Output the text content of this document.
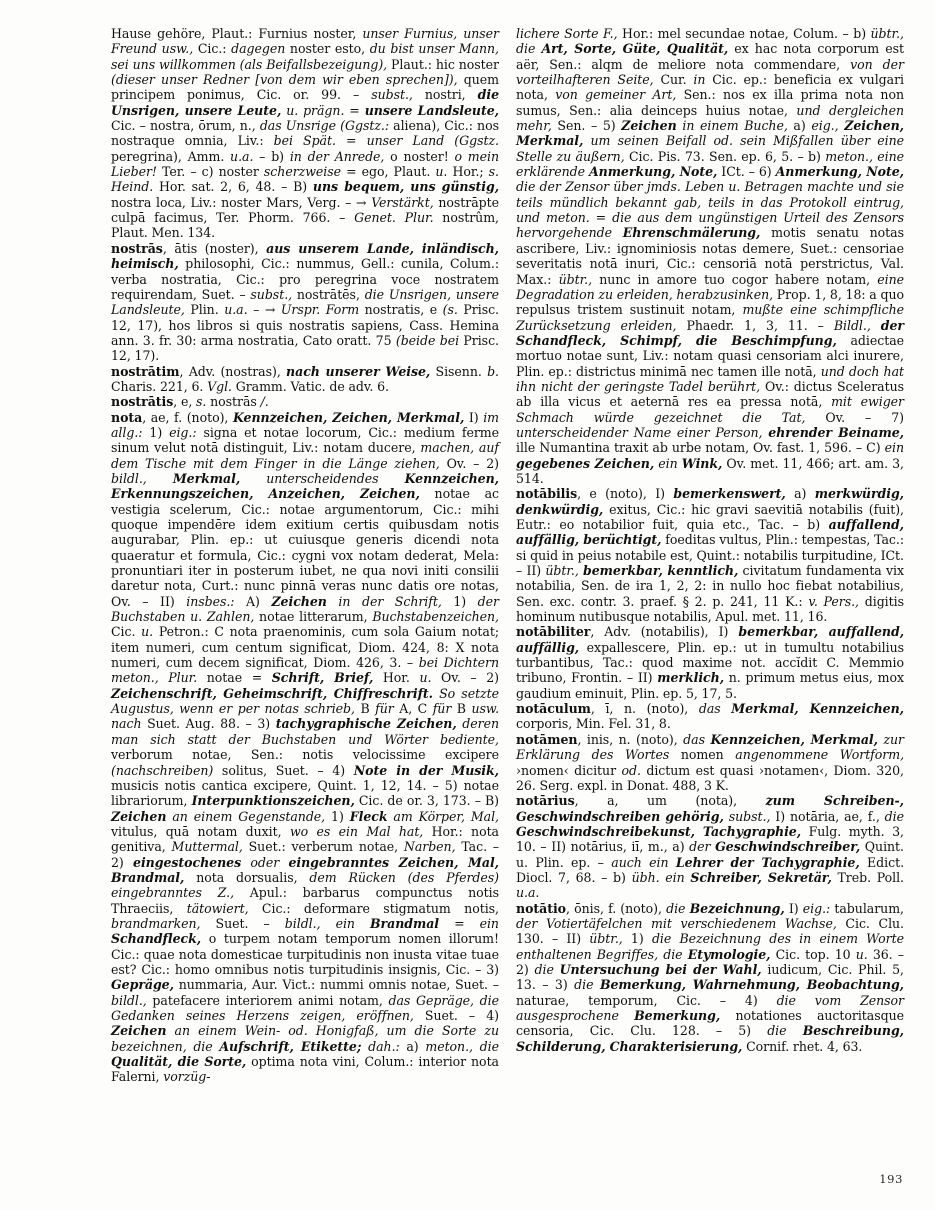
Hause gehöre, Plaut.: Furnius noster, unser Furnius, unser Freund usw., Cic.: dagegen noster esto, du bist unser Mann, sei uns willkommen (als Beifallsbezeigung), Plaut.: hic noster (dieser unser Redner [von dem wir eben sprechen]), quem principem ponimus, Cic. or. 99. – subst., nostri, die Unsrigen, unsere Leute, u. prägn. = unsere Landsleute, Cic. – nostra, ōrum, n., das Unsrige (Ggstz.: aliena), Cic.: nos nostraque omnia, Liv.: bei Spät. = unser Land (Ggstz. peregrina), Amm. u.a. – b) in der Anrede, o noster! o mein Lieber! Ter. – c) noster scherzweise = ego, Plaut. u. Hor.; s. Heind. Hor. sat. 2, 6, 48. – B) uns bequem, uns günstig, nostra loca, Liv.: noster Mars, Verg. – → Verstärkt, nostrāpte culpā facimus, Ter. Phorm. 766. – Genet. Plur. nostrûm, Plaut. Men. 134.

nostrās, ātis (noster), aus unserem Lande, inländisch, heimisch, philosophi, Cic.: nummus, Gell.: cunila, Colum.: verba nostratia, Cic.: pro peregrina voce nostratem requirendam, Suet. – subst., nostrātēs, die Unsrigen, unsere Landsleute, Plin. u.a. – → Urspr. Form nostratis, e (s. Prisc. 12, 17), hos libros si quis nostratis sapiens, Cass. Hemina ann. 3. fr. 30: arma nostratia, Cato oratt. 75 (beide bei Prisc. 12, 17).

nostrātim, Adv. (nostras), nach unserer Weise, Sisenn. b. Charis. 221, 6. Vgl. Gramm. Vatic. de adv. 6.

nostrātis, e, s. nostrās /.

nota, ae, f. (noto), Kennzeichen, Zeichen, Merkmal, I) im allg.: 1) eig.: signa et notae locorum, Cic.: medium ferme sinum velut notā distinguit, Liv.: notam ducere, machen, auf dem Tische mit dem Finger in die Länge ziehen, Ov. – 2) bildl., Merkmal, unterscheidendes Kennzeichen, Erkennungszeichen, Anzeichen, Zeichen, notae ac vestigia scelerum, Cic.: notae argumentorum, Cic.: mihi quoque impendēre idem exitium certis quibusdam notis augurabar, Plin. ep.: ut cuiusque generis dicendi nota quaeratur et formula, Cic.: cygni vox notam dederat, Mela: pronuntiari iter in posterum iubet, ne qua novi initi consilii daretur nota, Curt.: nunc pinnā veras nunc datis ore notas, Ov. – II) insbes.: A) Zeichen in der Schrift, 1) der Buchstaben u. Zahlen, notae litterarum, Buchstabenzeichen, Cic. u. Petron.: C nota praenominis, cum sola Gaium notat; item numeri, cum centum significat, Diom. 424, 8: X nota numeri, cum decem significat, Diom. 426, 3. – bei Dichtern meton., Plur. notae = Schrift, Brief, Hor. u. Ov. – 2) Zeichenschrift, Geheimschrift, Chiffreschrift. So setzte Augustus, wenn er per notas schrieb, B für A, C für B usw. nach Suet. Aug. 88. – 3) tachygraphische Zeichen, deren man sich statt der Buchstaben und Wörter bediente, verborum notae, Sen.: notis velocissime excipere (nachschreiben) solitus, Suet. – 4) Note in der Musik, musicis notis cantica excipere, Quint. 1, 12, 14. – 5) notae librariorum, Interpunktionszeichen, Cic. de or. 3, 173. – B) Zeichen an einem Gegenstande, 1) Fleck am Körper, Mal, vitulus, quā notam duxit, wo es ein Mal hat, Hor.: nota genitiva, Muttermal, Suet.: verberum notae, Narben, Tac. – 2) eingestochenes oder eingebranntes Zeichen, Mal, Brandmal, nota dorsualis, dem Rücken (des Pferdes) eingebranntes Z., Apul.: barbarus compunctus notis Thraeciis, tätowiert, Cic.: deformare stigmatum notis, brandmarken, Suet. – bildl., ein Brandmal = ein Schandfleck, o turpem notam temporum nomen illorum! Cic.: quae nota domesticae turpitudinis non inusta vitae tuae est? Cic.: homo omnibus notis turpitudinis insignis, Cic. – 3) Gepräge, nummaria, Aur. Vict.: nummi omnis notae, Suet. – bildl., patefacere interiorem animi notam, das Gepräge, die Gedanken seines Herzens zeigen, eröffnen, Suet. – 4) Zeichen an einem Wein- od. Honigfaß, um die Sorte zu bezeichnen, die Aufschrift, Etikette; dah.: a) meton., die Qualität, die Sorte, optima nota vini, Colum.: interior nota Falerni, vorzüg-

lichere Sorte F., Hor.: mel secundae notae, Colum. – b) übtr., die Art, Sorte, Güte, Qualität, ex hac nota corporum est aër, Sen.: alqm de meliore nota commendare, von der vorteilhafteren Seite, Cur. in Cic. ep.: beneficia ex vulgari nota, von gemeiner Art, Sen.: nos ex illa prima nota non sumus, Sen.: alia deinceps huius notae, und dergleichen mehr, Sen. – 5) Zeichen in einem Buche, a) eig., Zeichen, Merkmal, um seinen Beifall od. sein Mißfallen über eine Stelle zu äußern, Cic. Pis. 73. Sen. ep. 6, 5. – b) meton., eine erklärende Anmerkung, Note, ICt. – 6) Anmerkung, Note, die der Zensor über jmds. Leben u. Betragen machte und sie teils mündlich bekannt gab, teils in das Protokoll eintrug, und meton. = die aus dem ungünstigen Urteil des Zensors hervorgehende Ehrenschmälerung, motis senatu notas ascribere, Liv.: ignominiosis notas demere, Suet.: censoriae severitatis notā inuri, Cic.: censoriā notā perstrictus, Val. Max.: übtr., nunc in amore tuo cogor habere notam, eine Degradation zu erleiden, herabzusinken, Prop. 1, 8, 18: a quo repulsus tristem sustinuit notam, mußte eine schimpfliche Zurücksetzung erleiden, Phaedr. 1, 3, 11. – Bildl., der Schandfleck, Schimpf, die Beschimpfung, adiectae mortuo notae sunt, Liv.: notam quasi censoriam alci inurere, Plin. ep.: districtus minimā nec tamen ille notā, und doch hat ihn nicht der geringste Tadel berührt, Ov.: dictus Sceleratus ab illa vicus et aeternā res ea pressa notā, mit ewiger Schmach würde gezeichnet die Tat, Ov. – 7) unterscheidender Name einer Person, ehrender Beiname, ille Numantina traxit ab urbe notam, Ov. fast. 1, 596. – C) ein gegebenes Zeichen, ein Wink, Ov. met. 11, 466; art. am. 3, 514.

notābilis, e (noto), I) bemerkenswert, a) merkwürdig, denkwürdig, exitus, Cic.: hic gravi saevitiā notabilis (fuit), Eutr.: eo notabilior fuit, quia etc., Tac. – b) auffallend, auffällig, berüchtigt, foeditas vultus, Plin.: tempestas, Tac.: si quid in peius notabile est, Quint.: notabilis turpitudine, ICt. – II) übtr., bemerkbar, kenntlich, civitatum fundamenta vix notabilia, Sen. de ira 1, 2, 2: in nullo hoc fiebat notabilius, Sen. exc. contr. 3. praef. § 2. p. 241, 11 K.: v. Pers., digitis hominum nutibusque notabilis, Apul. met. 11, 16.

notābiliter, Adv. (notabilis), I) bemerkbar, auffallend, auffällig, expallescere, Plin. ep.: ut in tumultu notabilius turbantibus, Tac.: quod maxime not. accĭdit C. Memmio tribuno, Frontin. – II) merklich, n. primum metus eius, mox gaudium eminuit, Plin. ep. 5, 17, 5.

notāculum, ī, n. (noto), das Merkmal, Kennzeichen, corporis, Min. Fel. 31, 8.

notāmen, inis, n. (noto), das Kennzeichen, Merkmal, zur Erklärung des Wortes nomen angenommene Wortform, ›nomen‹ dicitur od. dictum est quasi ›notamen‹, Diom. 320, 26. Serg. expl. in Donat. 488, 3 K.

notārius, a, um (nota), zum Schreiben-, Geschwindschreiben gehörig, subst., I) notāria, ae, f., die Geschwindschreibekunst, Tachygraphie, Fulg. myth. 3, 10. – II) notārius, iī, m., a) der Geschwindschreiber, Quint. u. Plin. ep. – auch ein Lehrer der Tachygraphie, Edict. Diocl. 7, 68. – b) übh. ein Schreiber, Sekretär, Treb. Poll. u.a.

notātio, ōnis, f. (noto), die Bezeichnung, I) eig.: tabularum, der Votiertäfelchen mit verschiedenem Wachse, Cic. Clu. 130. – II) übtr., 1) die Bezeichnung des in einem Worte enthaltenen Begriffes, die Etymologie, Cic. top. 10 u. 36. – 2) die Untersuchung bei der Wahl, iudicum, Cic. Phil. 5, 13. – 3) die Bemerkung, Wahrnehmung, Beobachtung, naturae, temporum, Cic. – 4) die vom Zensor ausgesprochene Bemerkung, notationes auctoritasque censoria, Cic. Clu. 128. – 5) die Beschreibung, Schilderung, Charakterisierung, Cornif. rhet. 4, 63.

193
